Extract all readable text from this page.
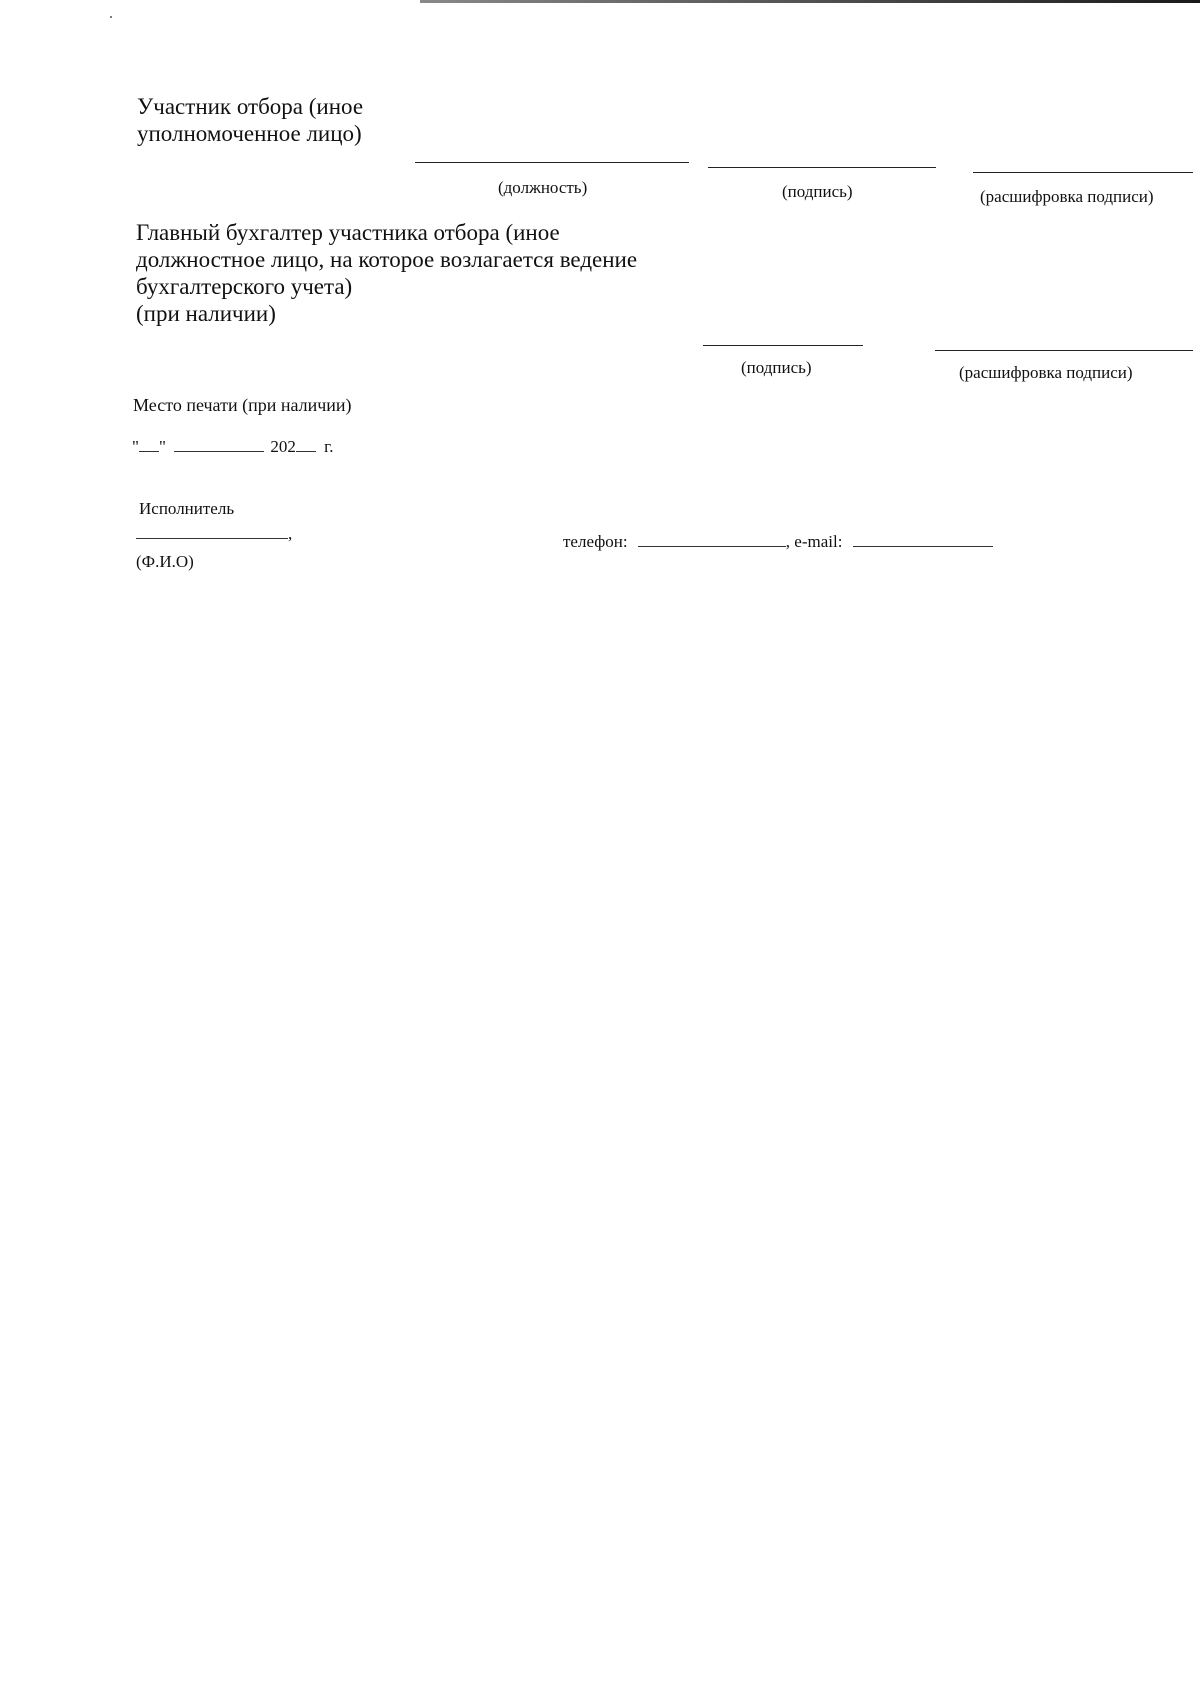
Участник отбора (иное
уполномоченное лицо)
(должность)	(подпись)	(расшифровка подписи)
Главный бухгалтер участника отбора (иное
должностное лицо, на которое возлагается ведение
бухгалтерского учета)
(при наличии)
(подпись)	(расшифровка подписи)
Место печати (при наличии)
" "	202 г.
Исполнитель
,
(Ф.И.О)
телефон:	, e-mail:
